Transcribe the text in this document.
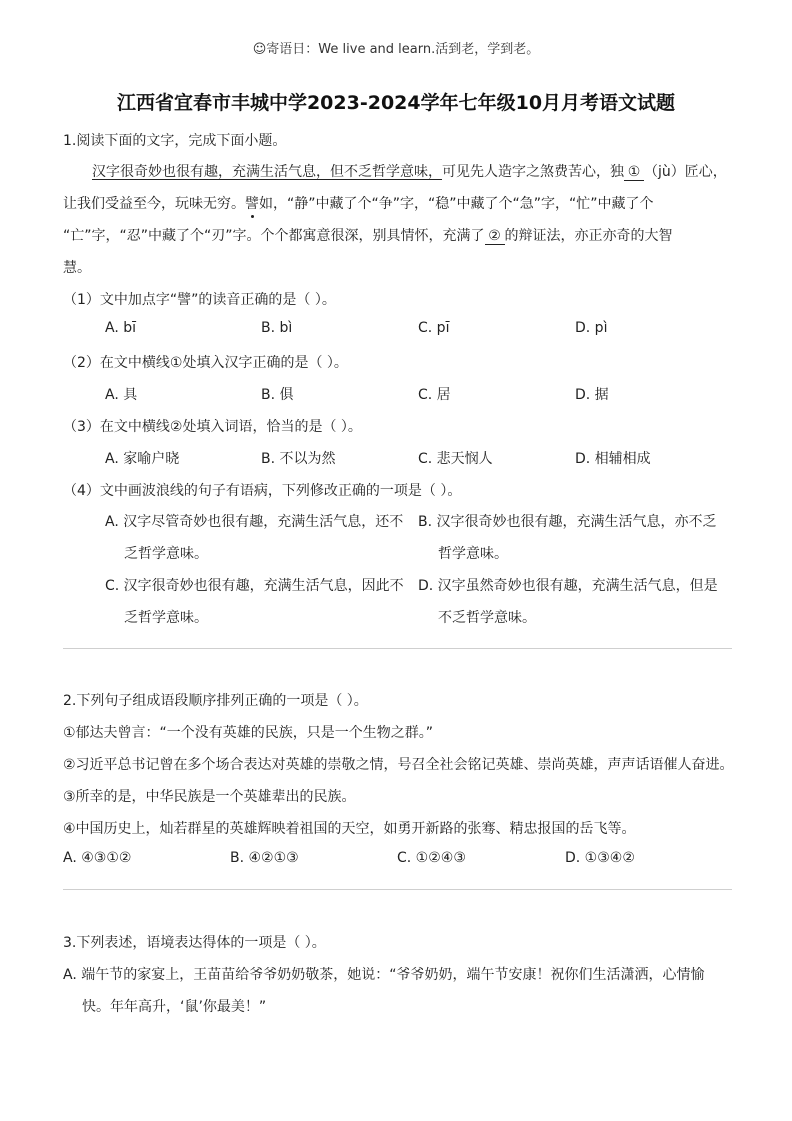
☺寄语日：We live and learn.活到老，学到老。
江西省宜春市丰城中学2023-2024学年七年级10月月考语文试题
1.阅读下面的文字，完成下面小题。
汉字很奇妙也很有趣，充满生活气息，但不乏哲学意味，可见先人造字之煞费苦心，独 ① （jù）匠心，
让我们受益至今，玩味无穷。譬如，“静”中藏了个“争”字，“稳”中藏了个“急”字，“忙”中藏了个
“亡”字，“忍”中藏了个“刃”字。个个都寓意很深，别具情怀，充满了 ② 的辩证法，亦正亦奇的大智
慧。
（1）文中加点字“譬”的读音正确的是（ ）。
A. bī	B. bì	C. pī	D. pì
（2）在文中横线①处填入汉字正确的是（ ）。
A. 具	B. 俱	C. 居	D. 据
（3）在文中横线②处填入词语，恰当的是（ ）。
A. 家喻户晓	B. 不以为然	C. 悲天悯人	D. 相辅相成
（4）文中画波浪线的句子有语病，下列修改正确的一项是（ ）。
A. 汉字尽管奇妙也很有趣，充满生活气息，还不
乏哲学意味。
B. 汉字很奇妙也很有趣，充满生活气息，亦不乏
哲学意味。
C. 汉字很奇妙也很有趣，充满生活气息，因此不
乏哲学意味。
D. 汉字虽然奇妙也很有趣，充满生活气息，但是
不乏哲学意味。
2.下列句子组成语段顺序排列正确的一项是（ ）。
①郁达夫曾言：“一个没有英雄的民族，只是一个生物之群。”
②习近平总书记曾在多个场合表达对英雄的崇敬之情，号召全社会铭记英雄、崇尚英雄，声声话语催人奋进。
③所幸的是，中华民族是一个英雄辈出的民族。
④中国历史上，灿若群星的英雄辉映着祖国的天空，如勇开新路的张骞、精忠报国的岳飞等。
A. ④③①②	B. ④②①③	C. ①②④③	D. ①③④②
3.下列表述，语境表达得体的一项是（ ）。
A. 端午节的家宴上，王苗苗给爷爷奶奶敬茶，她说：“爷爷奶奶，端午节安康！祝你们生活潇洒，心情愉
快。年年高升，‘鼠’你最美！”
